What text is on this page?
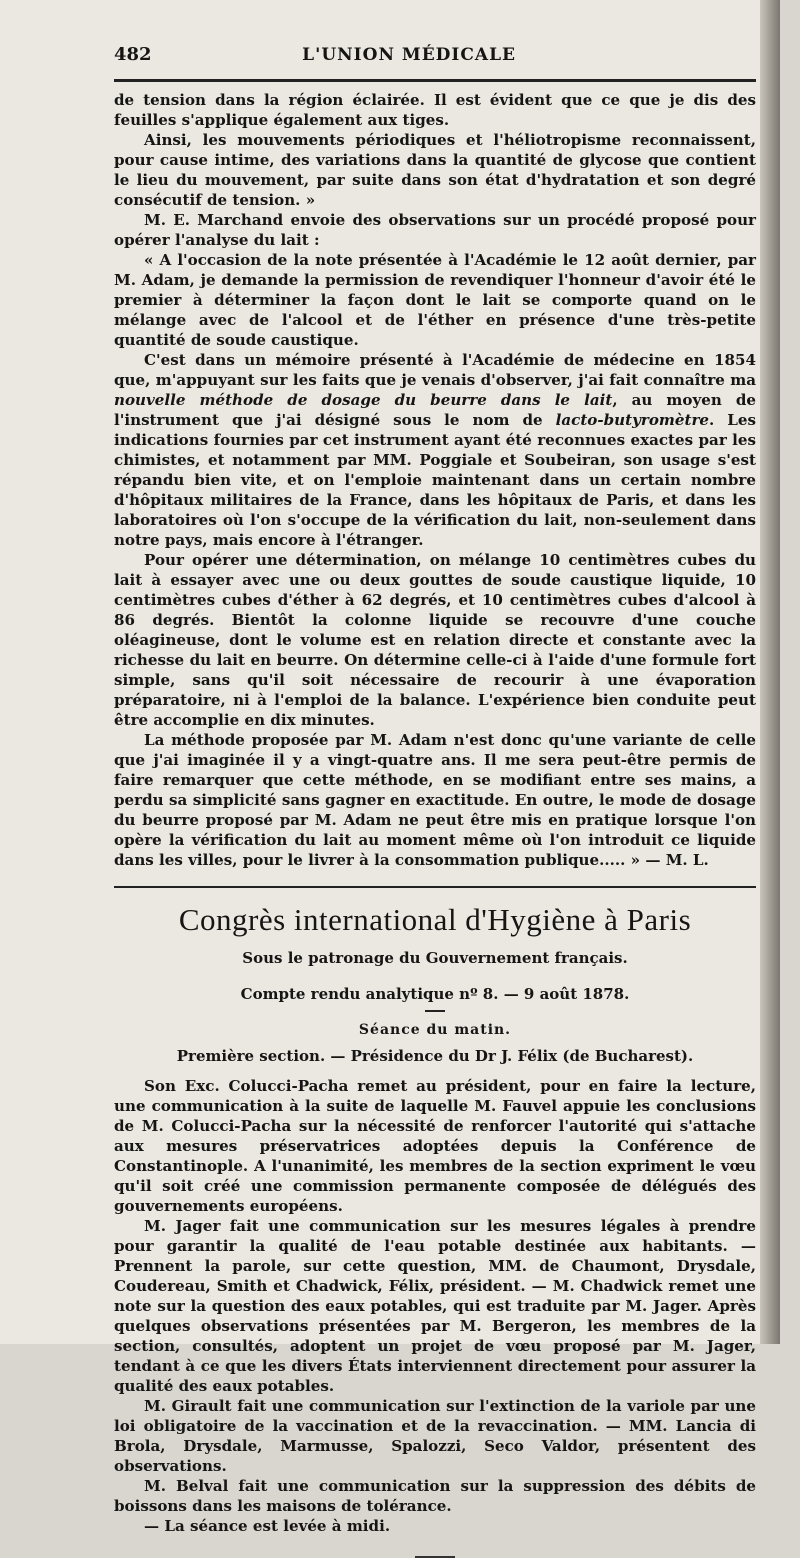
482	L'UNION MÉDICALE

de tension dans la région éclairée. Il est évident que ce que je dis des feuilles s'applique également aux tiges.

Ainsi, les mouvements périodiques et l'héliotropisme reconnaissent, pour cause intime, des variations dans la quantité de glycose que contient le lieu du mouvement, par suite dans son état d'hydratation et son degré consécutif de tension. »

M. E. Marchand envoie des observations sur un procédé proposé pour opérer l'analyse du lait :

« A l'occasion de la note présentée à l'Académie le 12 août dernier, par M. Adam, je demande la permission de revendiquer l'honneur d'avoir été le premier à déterminer la façon dont le lait se comporte quand on le mélange avec de l'alcool et de l'éther en présence d'une très-petite quantité de soude caustique.

C'est dans un mémoire présenté à l'Académie de médecine en 1854 que, m'appuyant sur les faits que je venais d'observer, j'ai fait connaître ma nouvelle méthode de dosage du beurre dans le lait, au moyen de l'instrument que j'ai désigné sous le nom de lacto-butyromètre. Les indications fournies par cet instrument ayant été reconnues exactes par les chimistes, et notamment par MM. Poggiale et Soubeiran, son usage s'est répandu bien vite, et on l'emploie maintenant dans un certain nombre d'hôpitaux militaires de la France, dans les hôpitaux de Paris, et dans les laboratoires où l'on s'occupe de la vérification du lait, non-seulement dans notre pays, mais encore à l'étranger.

Pour opérer une détermination, on mélange 10 centimètres cubes du lait à essayer avec une ou deux gouttes de soude caustique liquide, 10 centimètres cubes d'éther à 62 degrés, et 10 centimètres cubes d'alcool à 86 degrés. Bientôt la colonne liquide se recouvre d'une couche oléagineuse, dont le volume est en relation directe et constante avec la richesse du lait en beurre. On détermine celle-ci à l'aide d'une formule fort simple, sans qu'il soit nécessaire de recourir à une évaporation préparatoire, ni à l'emploi de la balance. L'expérience bien conduite peut être accomplie en dix minutes.

La méthode proposée par M. Adam n'est donc qu'une variante de celle que j'ai imaginée il y a vingt-quatre ans. Il me sera peut-être permis de faire remarquer que cette méthode, en se modifiant entre ses mains, a perdu sa simplicité sans gagner en exactitude. En outre, le mode de dosage du beurre proposé par M. Adam ne peut être mis en pratique lorsque l'on opère la vérification du lait au moment même où l'on introduit ce liquide dans les villes, pour le livrer à la consommation publique..... » — M. L.

Congrès international d'Hygiène à Paris

Sous le patronage du Gouvernement français.

Compte rendu analytique nº 8. — 9 août 1878.

Séance du matin.

Première section. — Présidence du Dr J. Félix (de Bucharest).

Son Exc. Colucci-Pacha remet au président, pour en faire la lecture, une communication à la suite de laquelle M. Fauvel appuie les conclusions de M. Colucci-Pacha sur la nécessité de renforcer l'autorité qui s'attache aux mesures préservatrices adoptées depuis la Conférence de Constantinople. A l'unanimité, les membres de la section expriment le vœu qu'il soit créé une commission permanente composée de délégués des gouvernements européens.

M. Jager fait une communication sur les mesures légales à prendre pour garantir la qualité de l'eau potable destinée aux habitants. — Prennent la parole, sur cette question, MM. de Chaumont, Drysdale, Coudereau, Smith et Chadwick, Félix, président. — M. Chadwick remet une note sur la question des eaux potables, qui est traduite par M. Jager. Après quelques observations présentées par M. Bergeron, les membres de la section, consultés, adoptent un projet de vœu proposé par M. Jager, tendant à ce que les divers États interviennent directement pour assurer la qualité des eaux potables.

M. Girault fait une communication sur l'extinction de la variole par une loi obligatoire de la vaccination et de la revaccination. — MM. Lancia di Brola, Drysdale, Marmusse, Spalozzi, Seco Valdor, présentent des observations.

M. Belval fait une communication sur la suppression des débits de boissons dans les maisons de tolérance.

— La séance est levée à midi.
